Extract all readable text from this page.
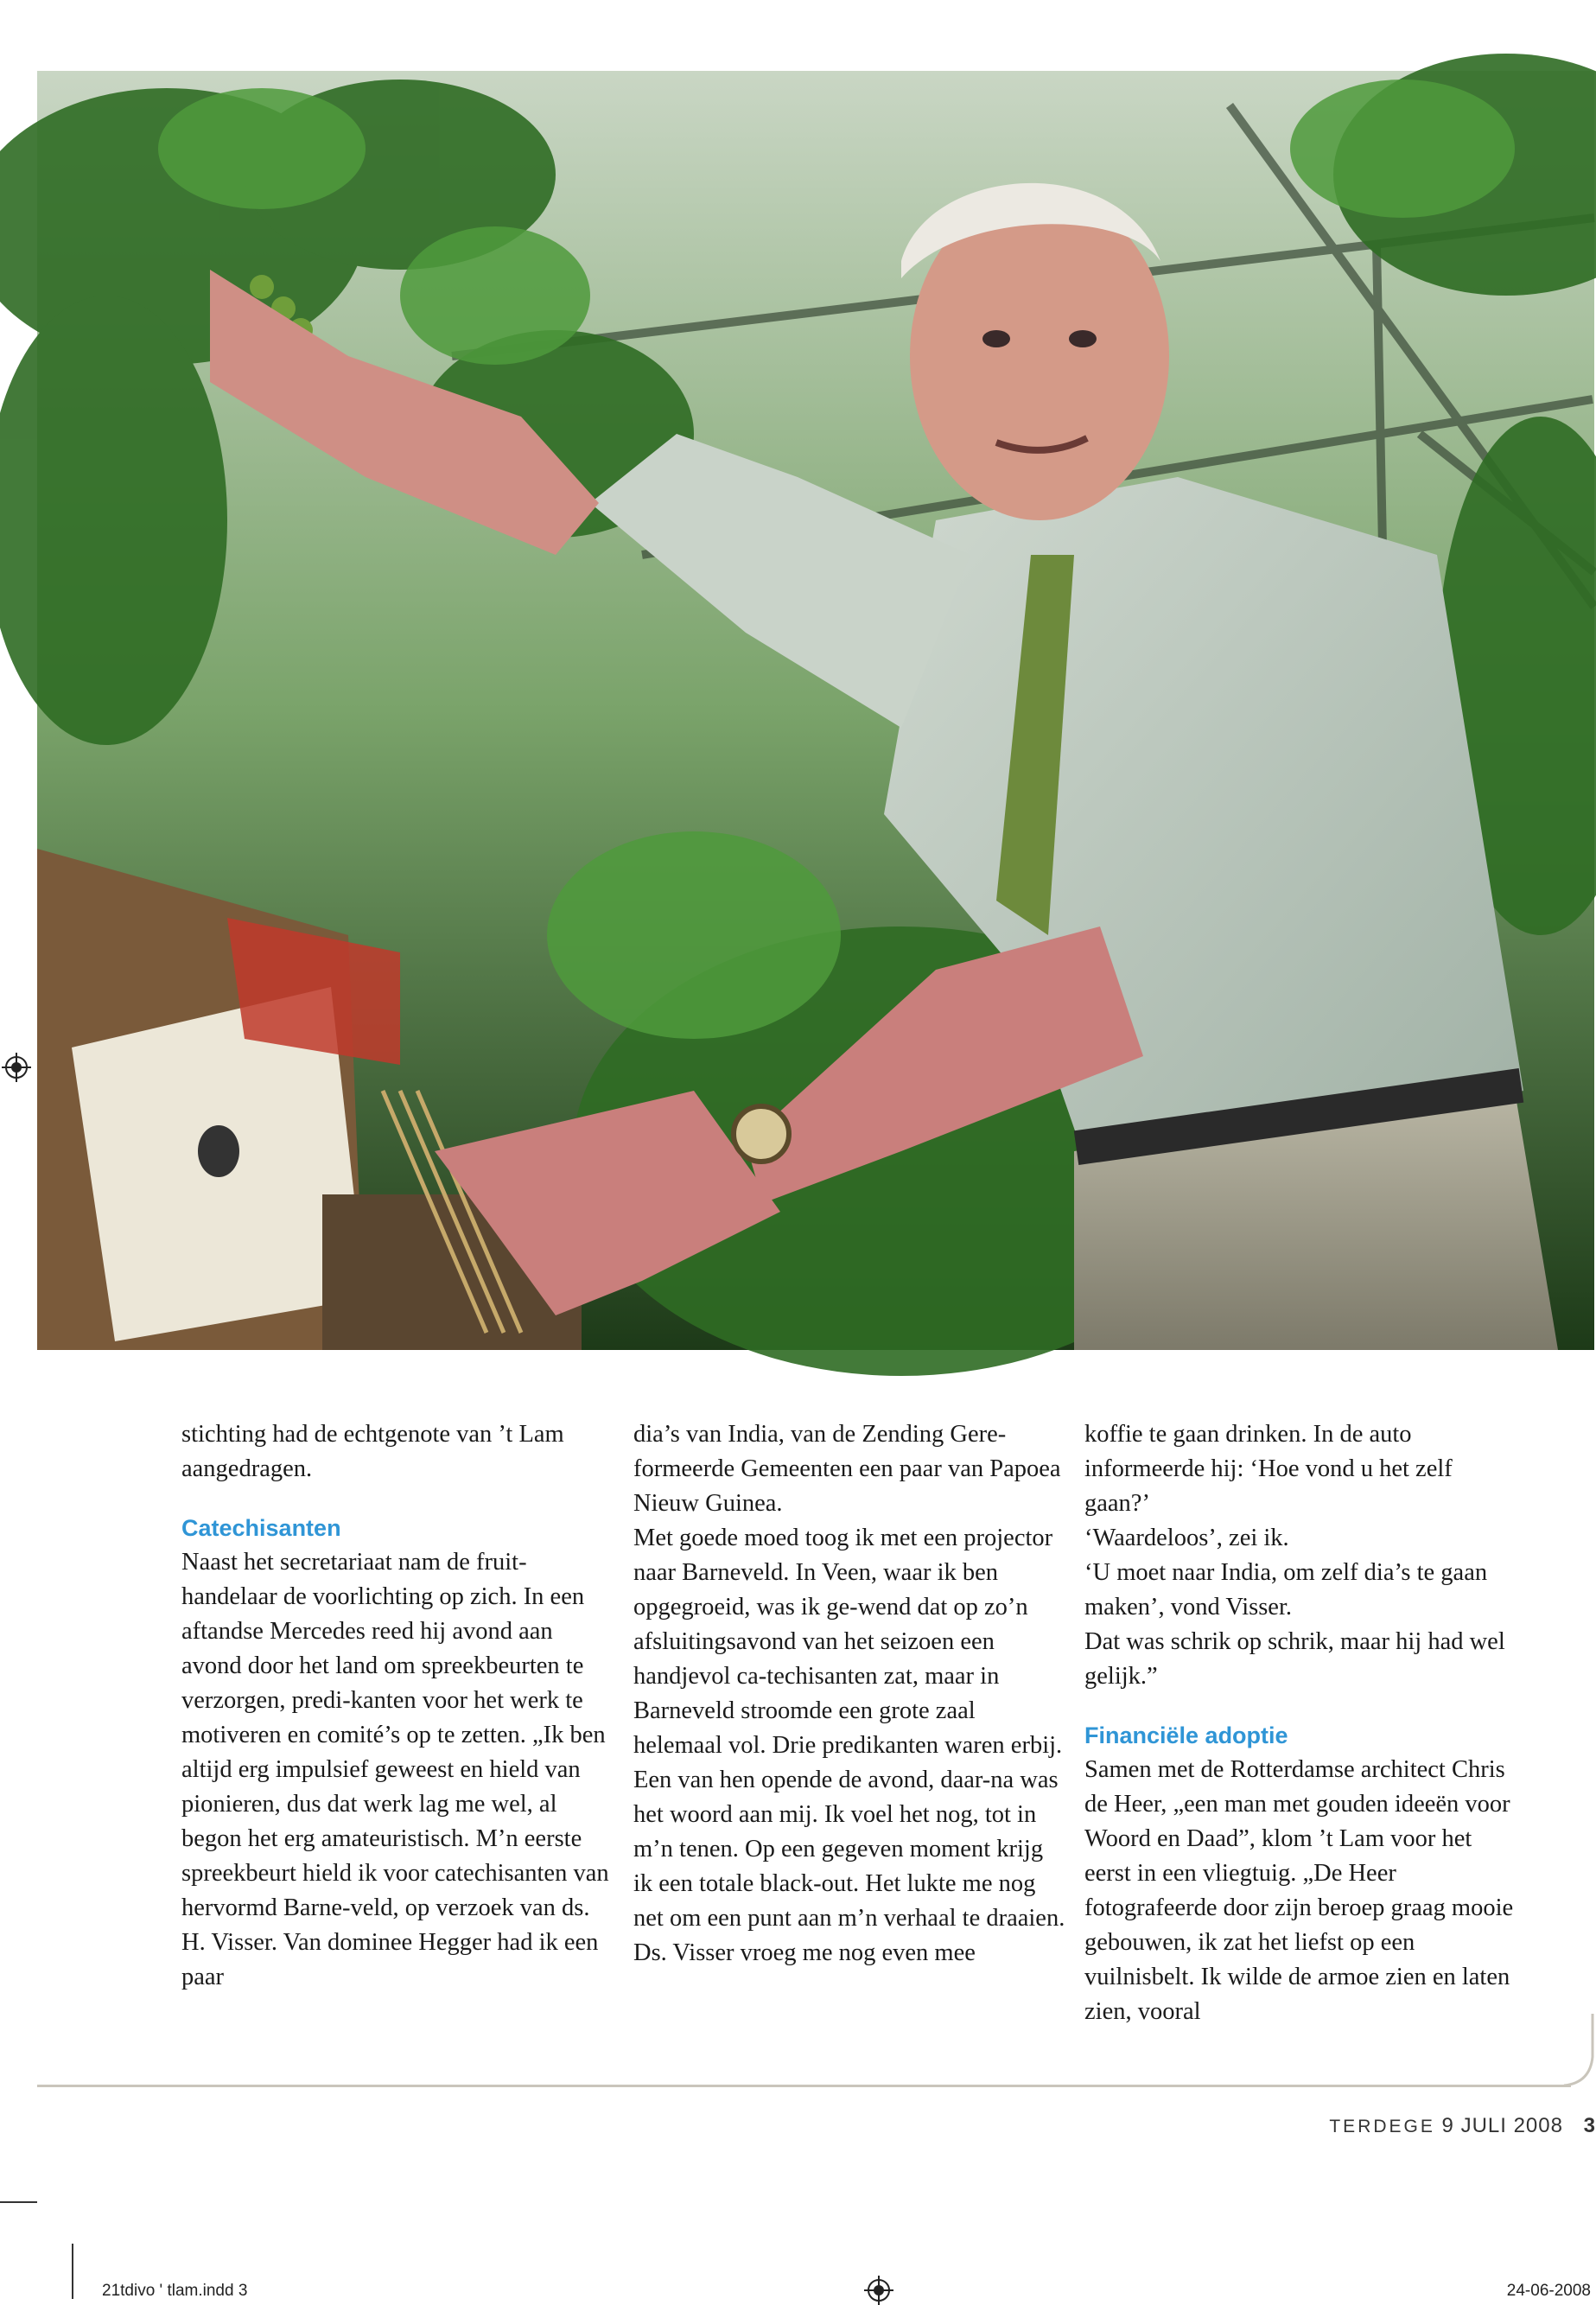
stichting had de echtgenote van ’t Lam aangedragen.

Catechisanten

Naast het secretariaat nam de fruit-handelaar de voorlichting op zich. In een aftandse Mercedes reed hij avond aan avond door het land om spreekbeurten te verzorgen, predi-kanten voor het werk te motiveren en comité’s op te zetten. „Ik ben altijd erg impulsief geweest en hield van pionieren, dus dat werk lag me wel, al begon het erg amateuristisch. M’n eerste spreekbeurt hield ik voor catechisanten van hervormd Barne-veld, op verzoek van ds. H. Visser. Van dominee Hegger had ik een paar

dia’s van India, van de Zending Gere-formeerde Gemeenten een paar van Papoea Nieuw Guinea.

Met goede moed toog ik met een projector naar Barneveld. In Veen, waar ik ben opgegroeid, was ik ge-wend dat op zo’n afsluitingsavond van het seizoen een handjevol ca-techisanten zat, maar in Barneveld stroomde een grote zaal helemaal vol. Drie predikanten waren erbij. Een van hen opende de avond, daar-na was het woord aan mij. Ik voel het nog, tot in m’n tenen. Op een gegeven moment krijg ik een totale black-out. Het lukte me nog net om een punt aan m’n verhaal te draaien. Ds. Visser vroeg me nog even mee

koffie te gaan drinken. In de auto informeerde hij: ‘Hoe vond u het zelf gaan?’

‘Waardeloos’, zei ik.

‘U moet naar India, om zelf dia’s te gaan maken’, vond Visser.

Dat was schrik op schrik, maar hij had wel gelijk.”

Financiële adoptie

Samen met de Rotterdamse architect Chris de Heer, „een man met gouden ideeën voor Woord en Daad”, klom ’t Lam voor het eerst in een vliegtuig. „De Heer fotografeerde door zijn beroep graag mooie gebouwen, ik zat het liefst op een vuilnisbelt. Ik wilde de armoe zien en laten zien, vooral

TERDEGE 9 JULI 2008 3
21tdivo ' tlam.indd 3	24-06-2008
